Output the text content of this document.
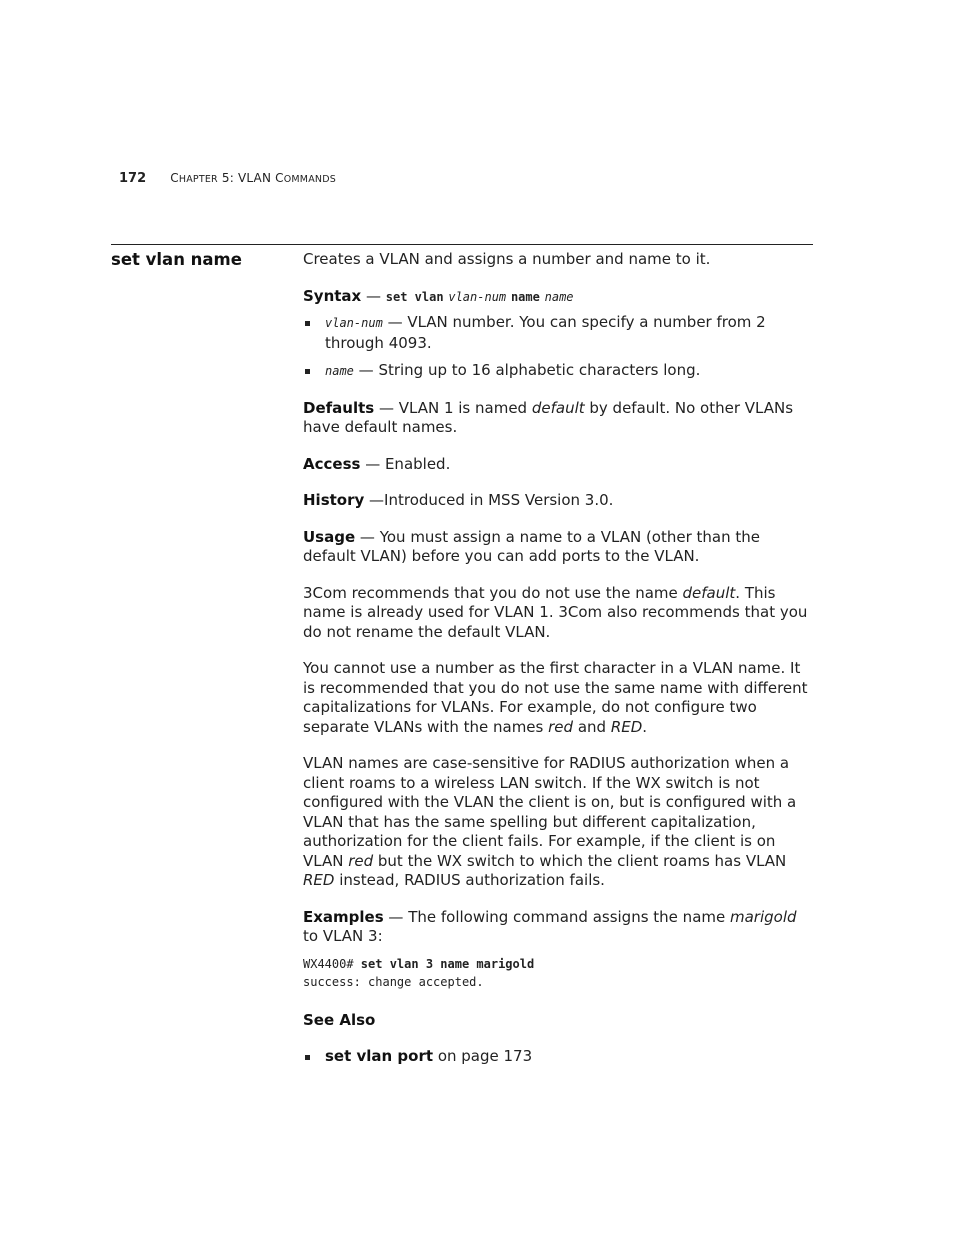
172 CHAPTER 5: VLAN COMMANDS
set vlan name	Creates a VLAN and assigns a number and name to it.

Syntax — set vlan vlan-num name name

vlan-num — VLAN number. You can specify a number from 2 through 4093.
name — String up to 16 alphabetic characters long.

Defaults — VLAN 1 is named default by default. No other VLANs have default names.

Access — Enabled.

History —Introduced in MSS Version 3.0.

Usage — You must assign a name to a VLAN (other than the default VLAN) before you can add ports to the VLAN.

3Com recommends that you do not use the name default. This name is already used for VLAN 1. 3Com also recommends that you do not rename the default VLAN.

You cannot use a number as the first character in a VLAN name. It is recommended that you do not use the same name with different capitalizations for VLANs. For example, do not configure two separate VLANs with the names red and RED.

VLAN names are case-sensitive for RADIUS authorization when a client roams to a wireless LAN switch. If the WX switch is not configured with the VLAN the client is on, but is configured with a VLAN that has the same spelling but different capitalization, authorization for the client fails. For example, if the client is on VLAN red but the WX switch to which the client roams has VLAN RED instead, RADIUS authorization fails.

Examples — The following command assigns the name marigold to VLAN 3:

WX4400# set vlan 3 name marigold
success: change accepted.

See Also

set vlan port on page 173
